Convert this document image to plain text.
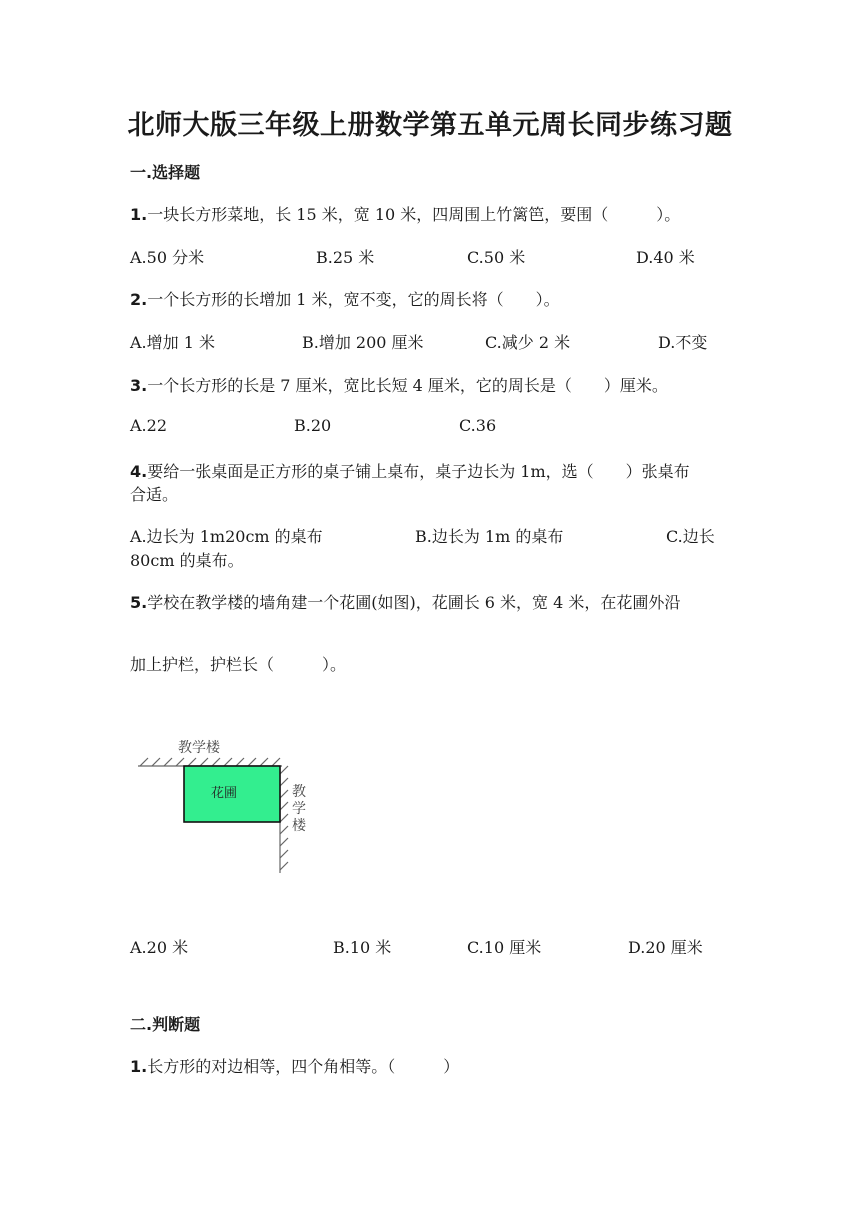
北师大版三年级上册数学第五单元周长同步练习题
一.选择题
1.一块长方形菜地，长 15 米，宽 10 米，四周围上竹篱笆，要围（　　　）。
A.50 分米	B.25 米	C.50 米	D.40 米
2.一个长方形的长增加 1 米，宽不变，它的周长将（　　）。
A.增加 1 米	B.增加 200 厘米	C.减少 2 米	D.不变
3.一个长方形的长是 7 厘米，宽比长短 4 厘米，它的周长是（　　）厘米。
A.22	B.20	C.36
4.要给一张桌面是正方形的桌子铺上桌布，桌子边长为 1m，选（　　）张桌布
合适。
A.边长为 1m20cm 的桌布	B.边长为 1m 的桌布	C.边长
80cm 的桌布。
5.学校在教学楼的墙角建一个花圃(如图)，花圃长 6 米，宽 4 米，在花圃外沿
加上护栏，护栏长（　　　）。
教学楼
花圃	教
学
楼
A.20 米	B.10 米	C.10 厘米	D.20 厘米
二.判断题
1.长方形的对边相等，四个角相等。（　　　）
